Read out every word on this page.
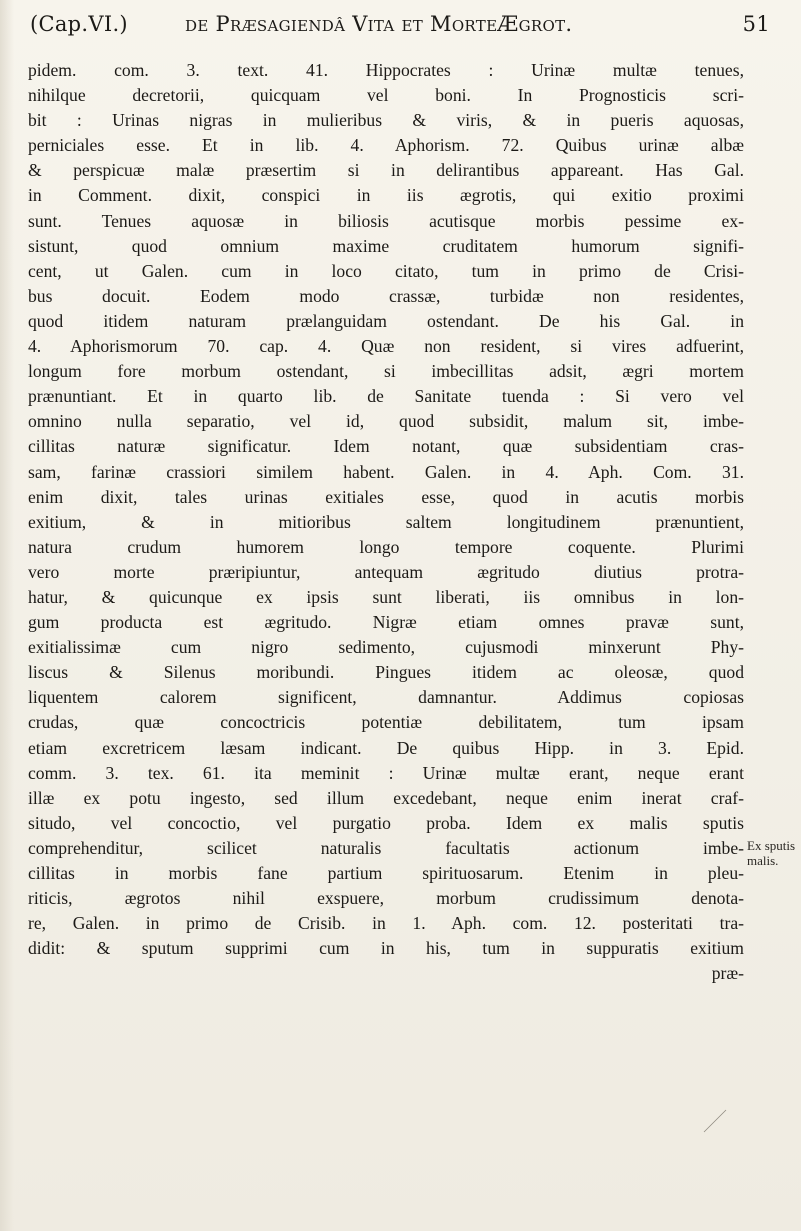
(Cap.VI.)	de Præsagiendâ Vita et MorteÆgrot.	51
pidem. com. 3. text. 41. Hippocrates : Urinæ multæ tenues,
nihilque decretorii, quicquam vel boni. In Prognosticis scri-
bit : Urinas nigras in mulieribus & viris, & in pueris aquosas,
perniciales esse. Et in lib. 4. Aphorism. 72. Quibus urinæ albæ
& perspicuæ malæ præsertim si in delirantibus appareant. Has Gal.
in Comment. dixit, conspici in iis ægrotis, qui exitio proximi
sunt. Tenues aquosæ in biliosis acutisque morbis pessime ex-
sistunt, quod omnium maxime cruditatem humorum signifi-
cent, ut Galen. cum in loco citato, tum in primo de Crisi-
bus docuit. Eodem modo crassæ, turbidæ non residentes,
quod itidem naturam prælanguidam ostendant. De his Gal. in
4. Aphorismorum 70. cap. 4. Quæ non resident, si vires adfuerint,
longum fore morbum ostendant, si imbecillitas adsit, ægri mortem
prænuntiant. Et in quarto lib. de Sanitate tuenda : Si vero vel
omnino nulla separatio, vel id, quod subsidit, malum sit, imbe-
cillitas naturæ significatur. Idem notant, quæ subsidentiam cras-
sam, farinæ crassiori similem habent. Galen. in 4. Aph. Com. 31.
enim dixit, tales urinas exitiales esse, quod in acutis morbis
exitium, & in mitioribus saltem longitudinem prænuntient,
natura crudum humorem longo tempore coquente. Plurimi
vero morte præripiuntur, antequam ægritudo diutius protra-
hatur, & quicunque ex ipsis sunt liberati, iis omnibus in lon-
gum producta est ægritudo. Nigræ etiam omnes pravæ sunt,
exitialissimæ cum nigro sedimento, cujusmodi minxerunt Phy-
liscus & Silenus moribundi. Pingues itidem ac oleosæ, quod
liquentem calorem significent, damnantur. Addimus copiosas
crudas, quæ concoctricis potentiæ debilitatem, tum ipsam
etiam excretricem læsam indicant. De quibus Hipp. in 3. Epid.
comm. 3. tex. 61. ita meminit : Urinæ multæ erant, neque erant
illæ ex potu ingesto, sed illum excedebant, neque enim inerat craf-
situdo, vel concoctio, vel purgatio proba. Idem ex malis sputis
comprehenditur, scilicet naturalis facultatis actionum imbe-
cillitas in morbis fane partium spirituosarum. Etenim in pleu-
riticis, ægrotos nihil exspuere, morbum crudissimum denota-
re, Galen. in primo de Crisib. in 1. Aph. com. 12. posteritati tra-
didit: & sputum supprimi cum in his, tum in suppuratis exitium
præ-
Ex sputis
malis.
